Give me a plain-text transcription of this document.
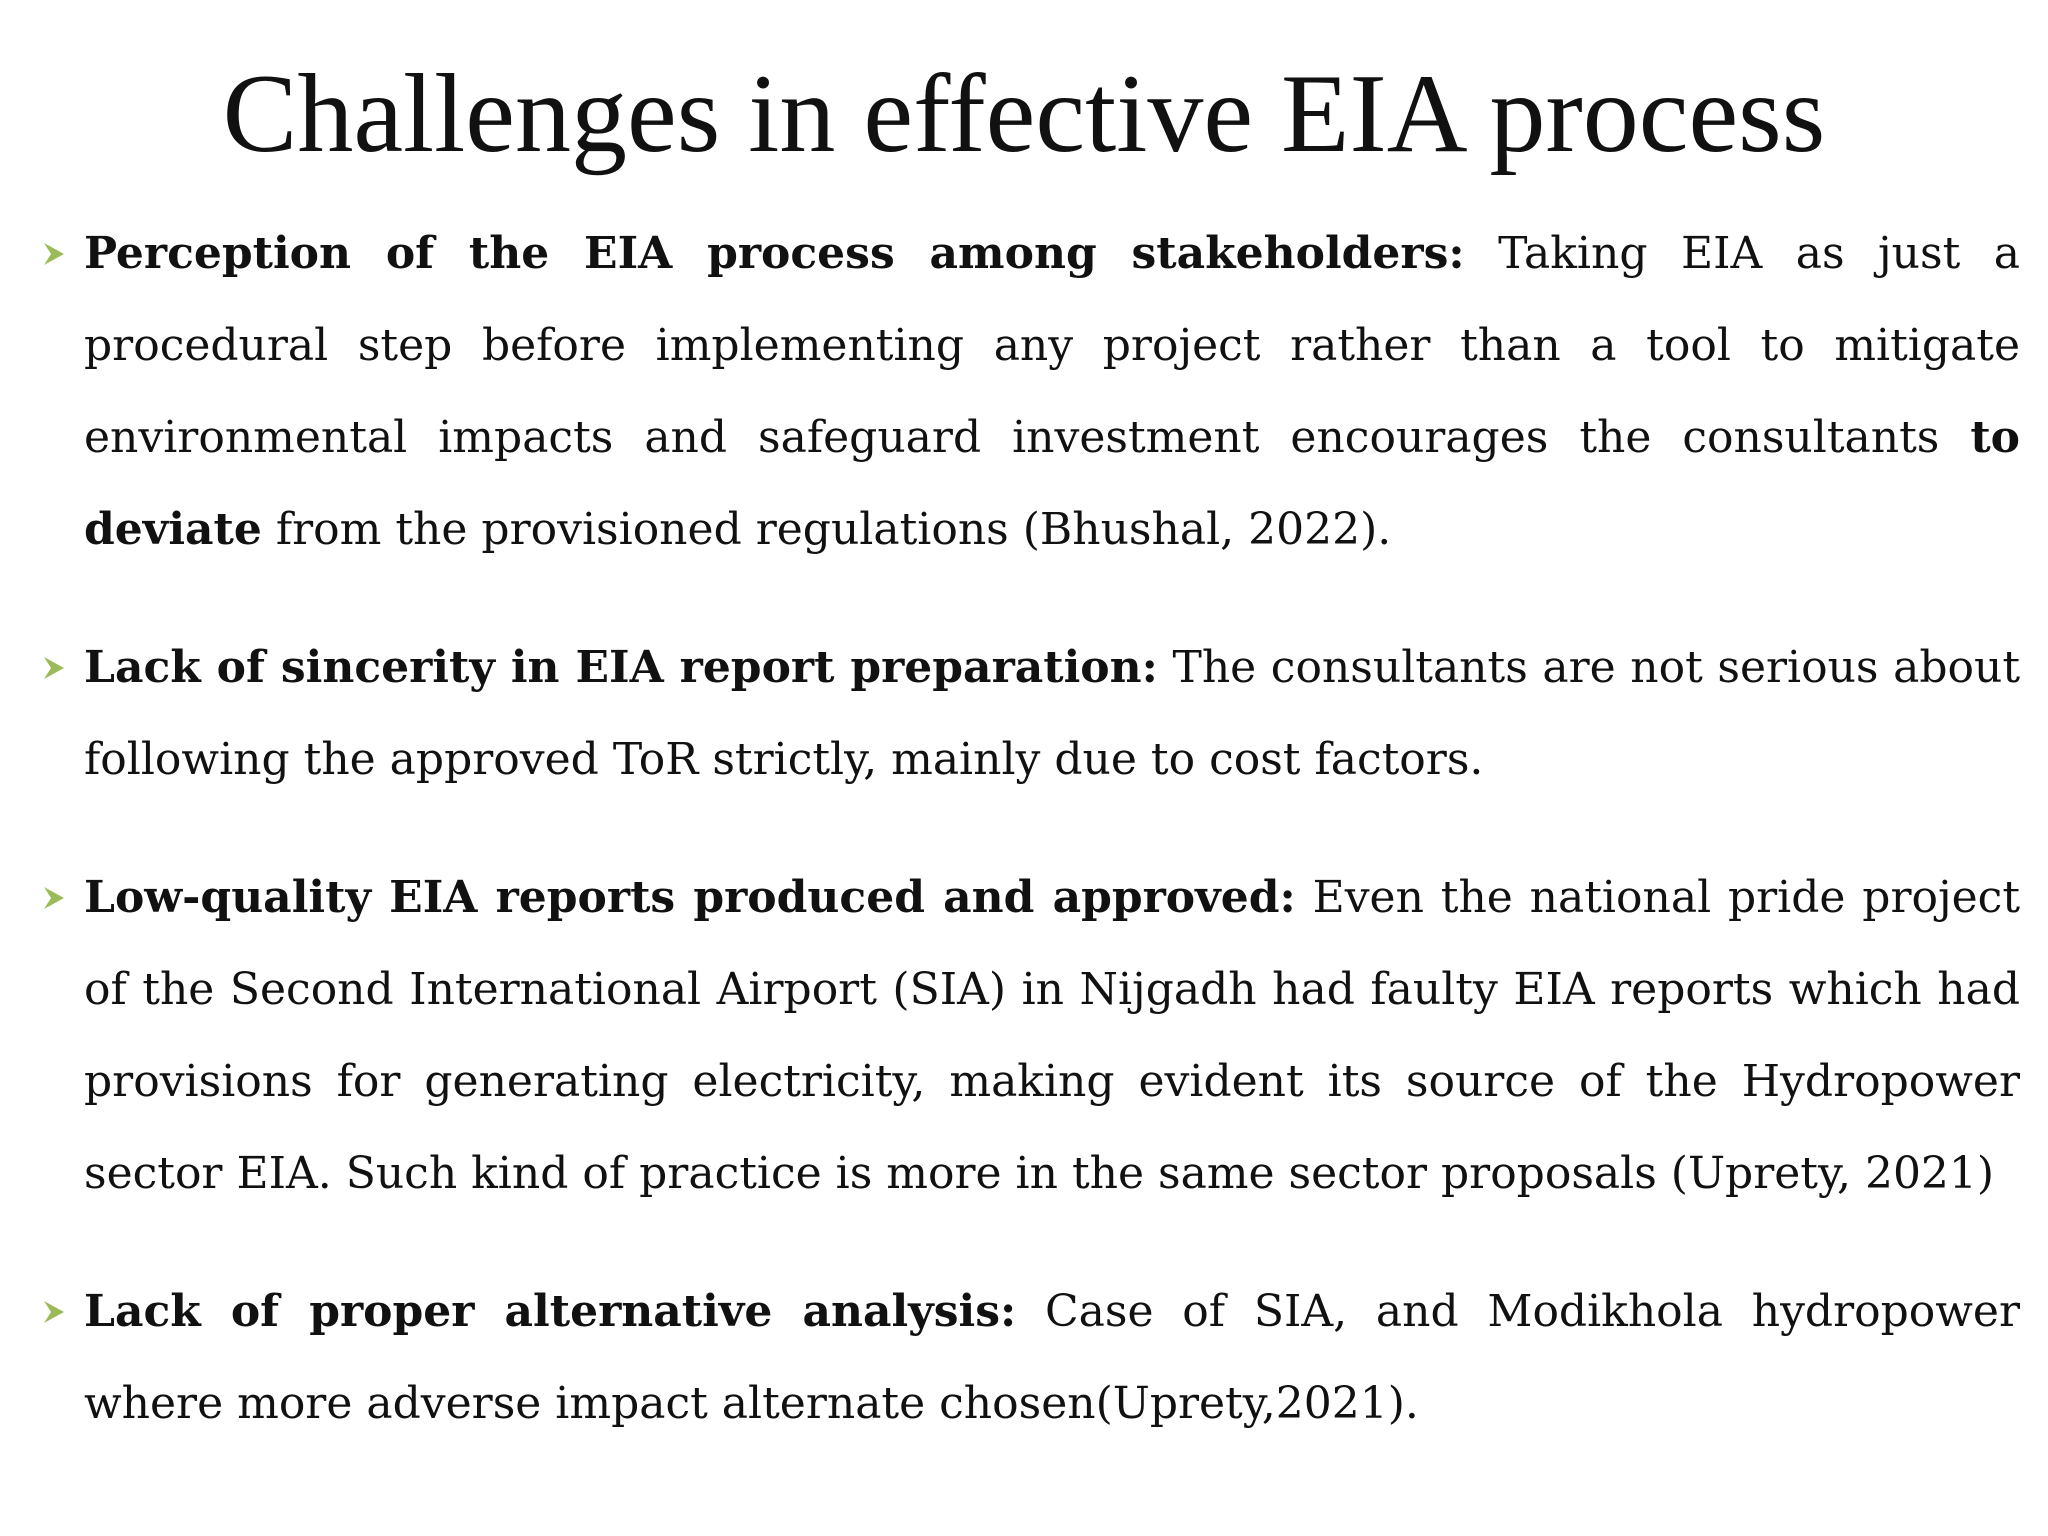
Challenges in effective EIA process

Perception of the EIA process among stakeholders: Taking EIA as just a procedural step before implementing any project rather than a tool to mitigate environmental impacts and safeguard investment encourages the consultants to deviate from the provisioned regulations (Bhushal, 2022).

Lack of sincerity in EIA report preparation: The consultants are not serious about following the approved ToR strictly, mainly due to cost factors.

Low-quality EIA reports produced and approved: Even the national pride project of the Second International Airport (SIA) in Nijgadh had faulty EIA reports which had provisions for generating electricity, making evident its source of the Hydropower sector EIA. Such kind of practice is more in the same sector proposals (Uprety, 2021)

Lack of proper alternative analysis: Case of SIA, and Modikhola hydropower where more adverse impact alternate chosen(Uprety,2021).
